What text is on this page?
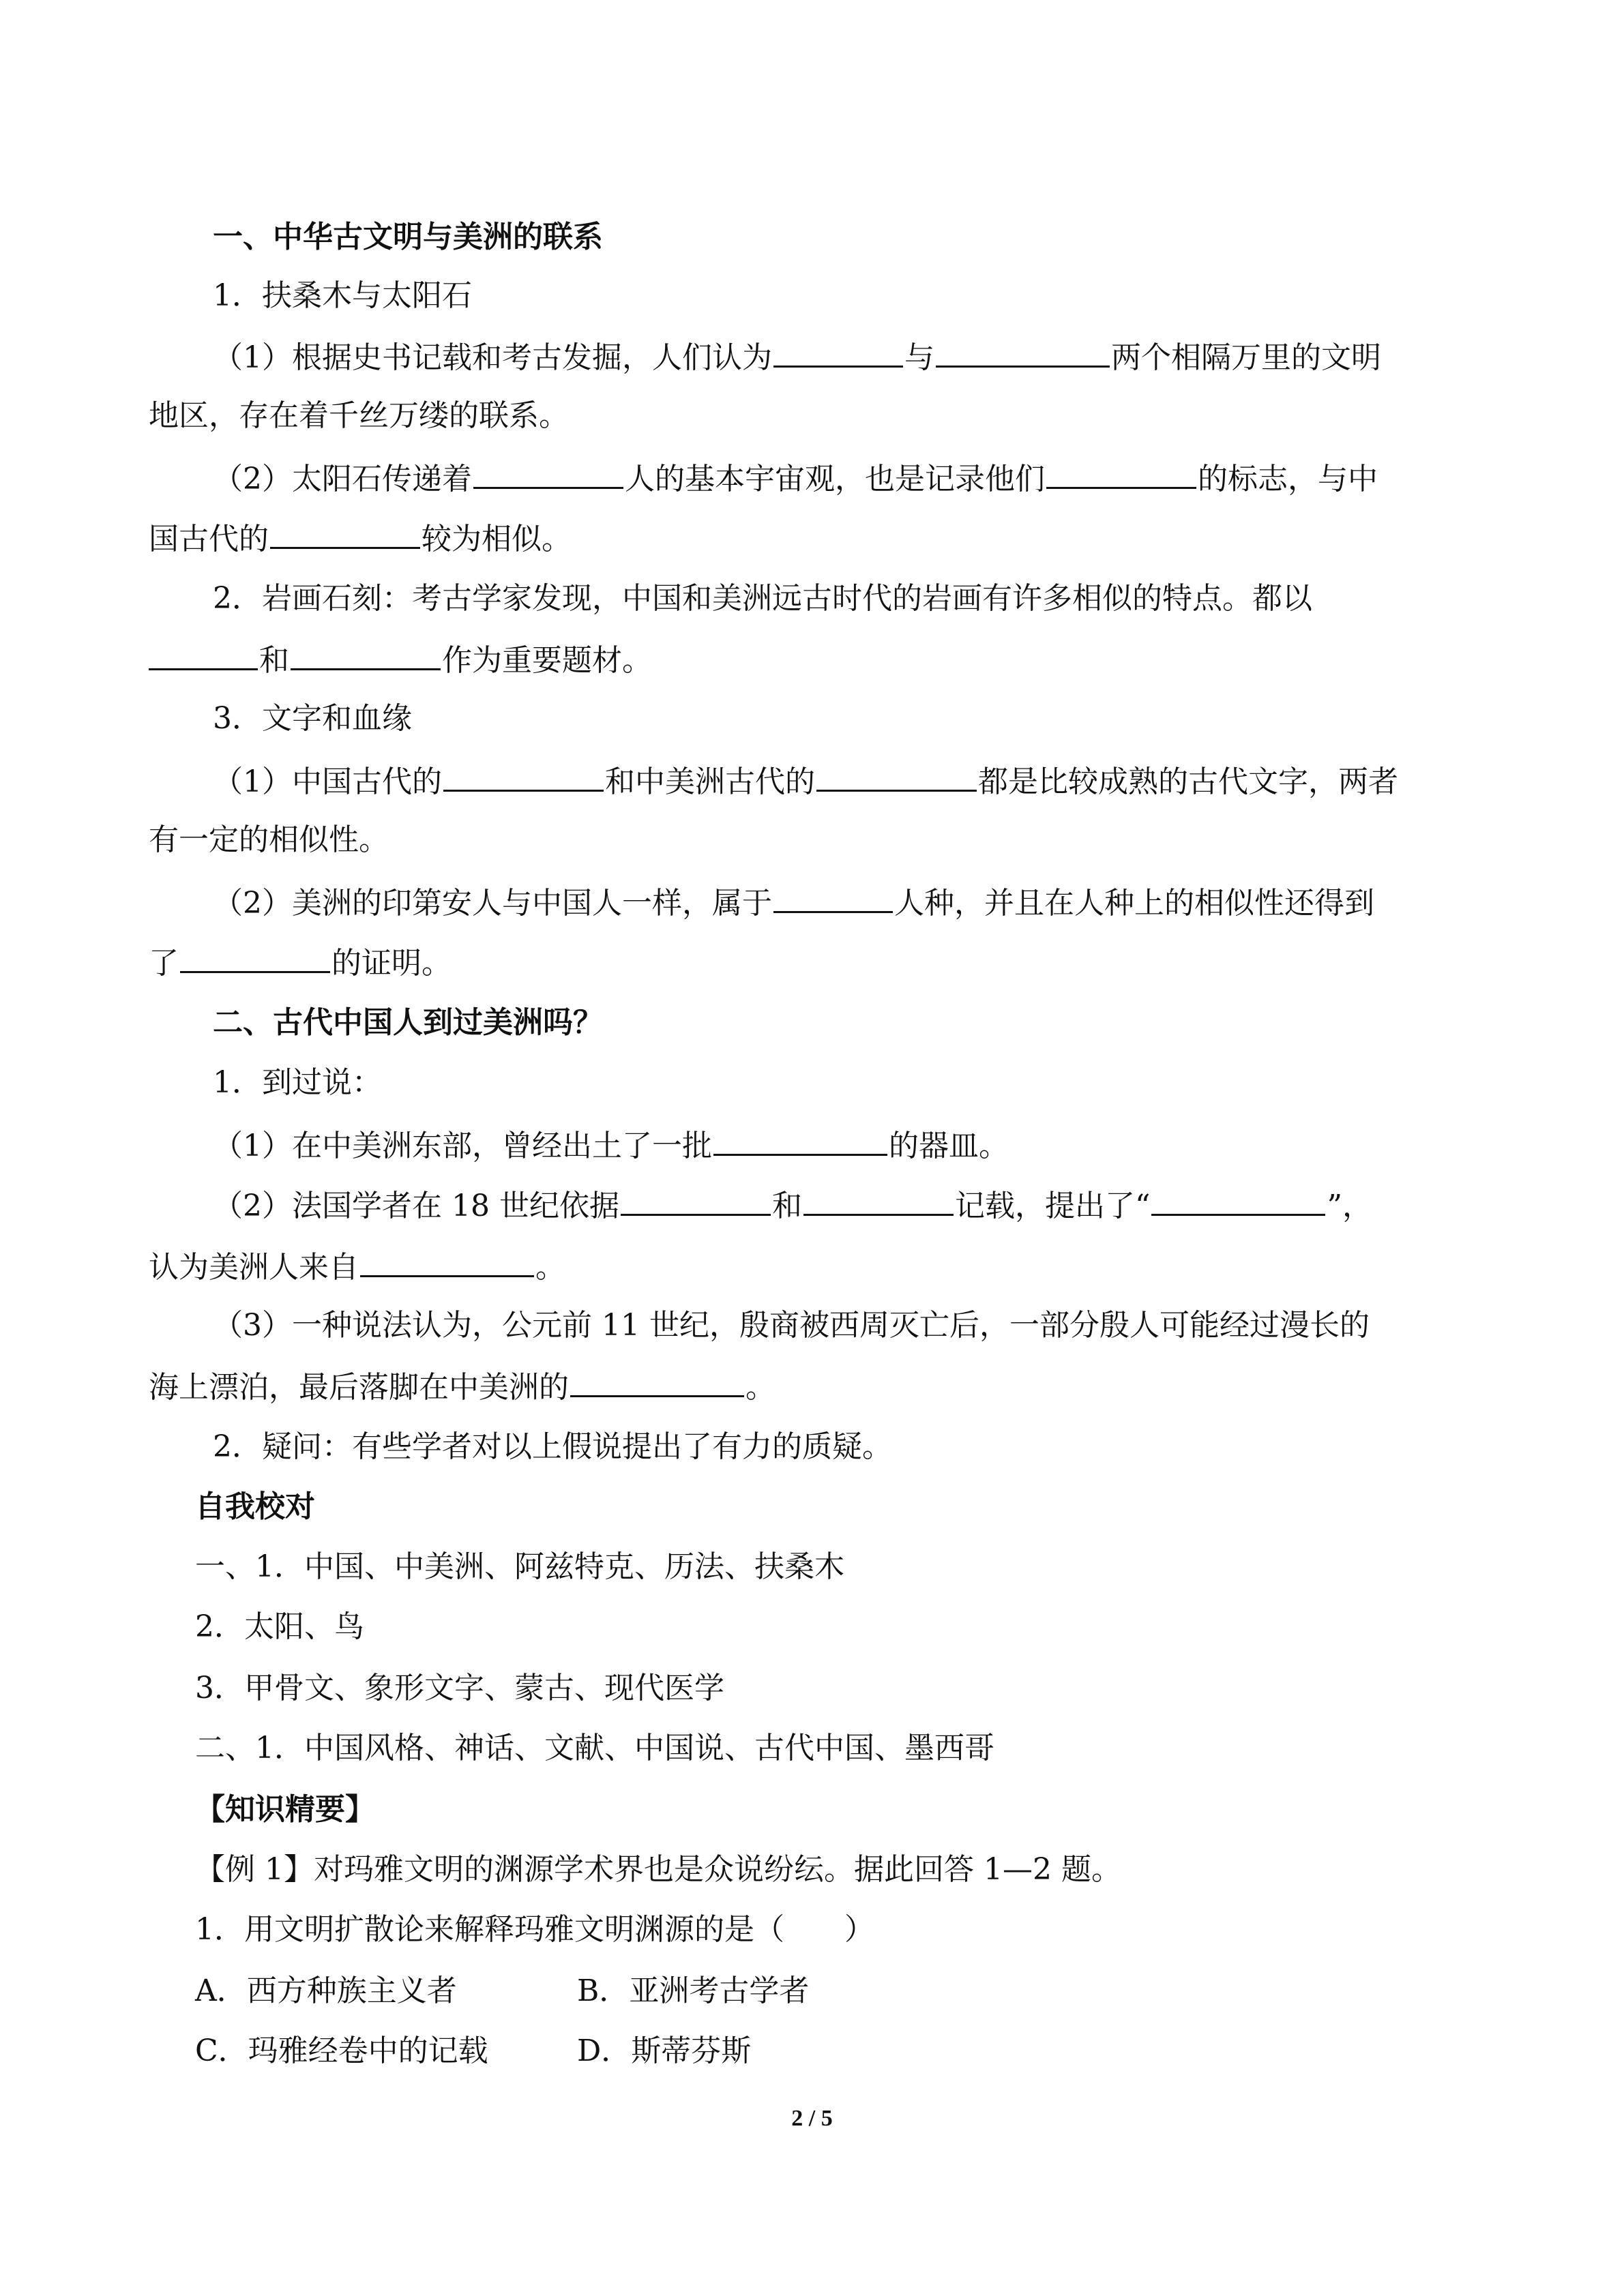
一、中华古文明与美洲的联系
1．扶桑木与太阳石
（1）根据史书记载和考古发掘，人们认为	与	两个相隔万里的文明
地区，存在着千丝万缕的联系。
（2）太阳石传递着	人的基本宇宙观，也是记录他们	的标志，与中
国古代的	较为相似。
2．岩画石刻：考古学家发现，中国和美洲远古时代的岩画有许多相似的特点。都以
和	作为重要题材。
3．文字和血缘
（1）中国古代的	和中美洲古代的	都是比较成熟的古代文字，两者
有一定的相似性。
（2）美洲的印第安人与中国人一样，属于	人种，并且在人种上的相似性还得到
了	的证明。
二、古代中国人到过美洲吗？
1．到过说：
（1）在中美洲东部，曾经出土了一批	的器皿。
（2）法国学者在 18 世纪依据	和	记载，提出了“	”，
认为美洲人来自	。
（3）一种说法认为，公元前 11 世纪，殷商被西周灭亡后，一部分殷人可能经过漫长的
海上漂泊，最后落脚在中美洲的	。
2．疑问：有些学者对以上假说提出了有力的质疑。
自我校对
一、1．中国、中美洲、阿兹特克、历法、扶桑木
2．太阳、鸟
3．甲骨文、象形文字、蒙古、现代医学
二、1．中国风格、神话、文献、中国说、古代中国、墨西哥
【知识精要】
【例 1】对玛雅文明的渊源学术界也是众说纷纭。据此回答 1—2 题。
1．用文明扩散论来解释玛雅文明渊源的是（　　）
A．西方种族主义者	B．亚洲考古学者
C．玛雅经卷中的记载	D．斯蒂芬斯
2 / 5
